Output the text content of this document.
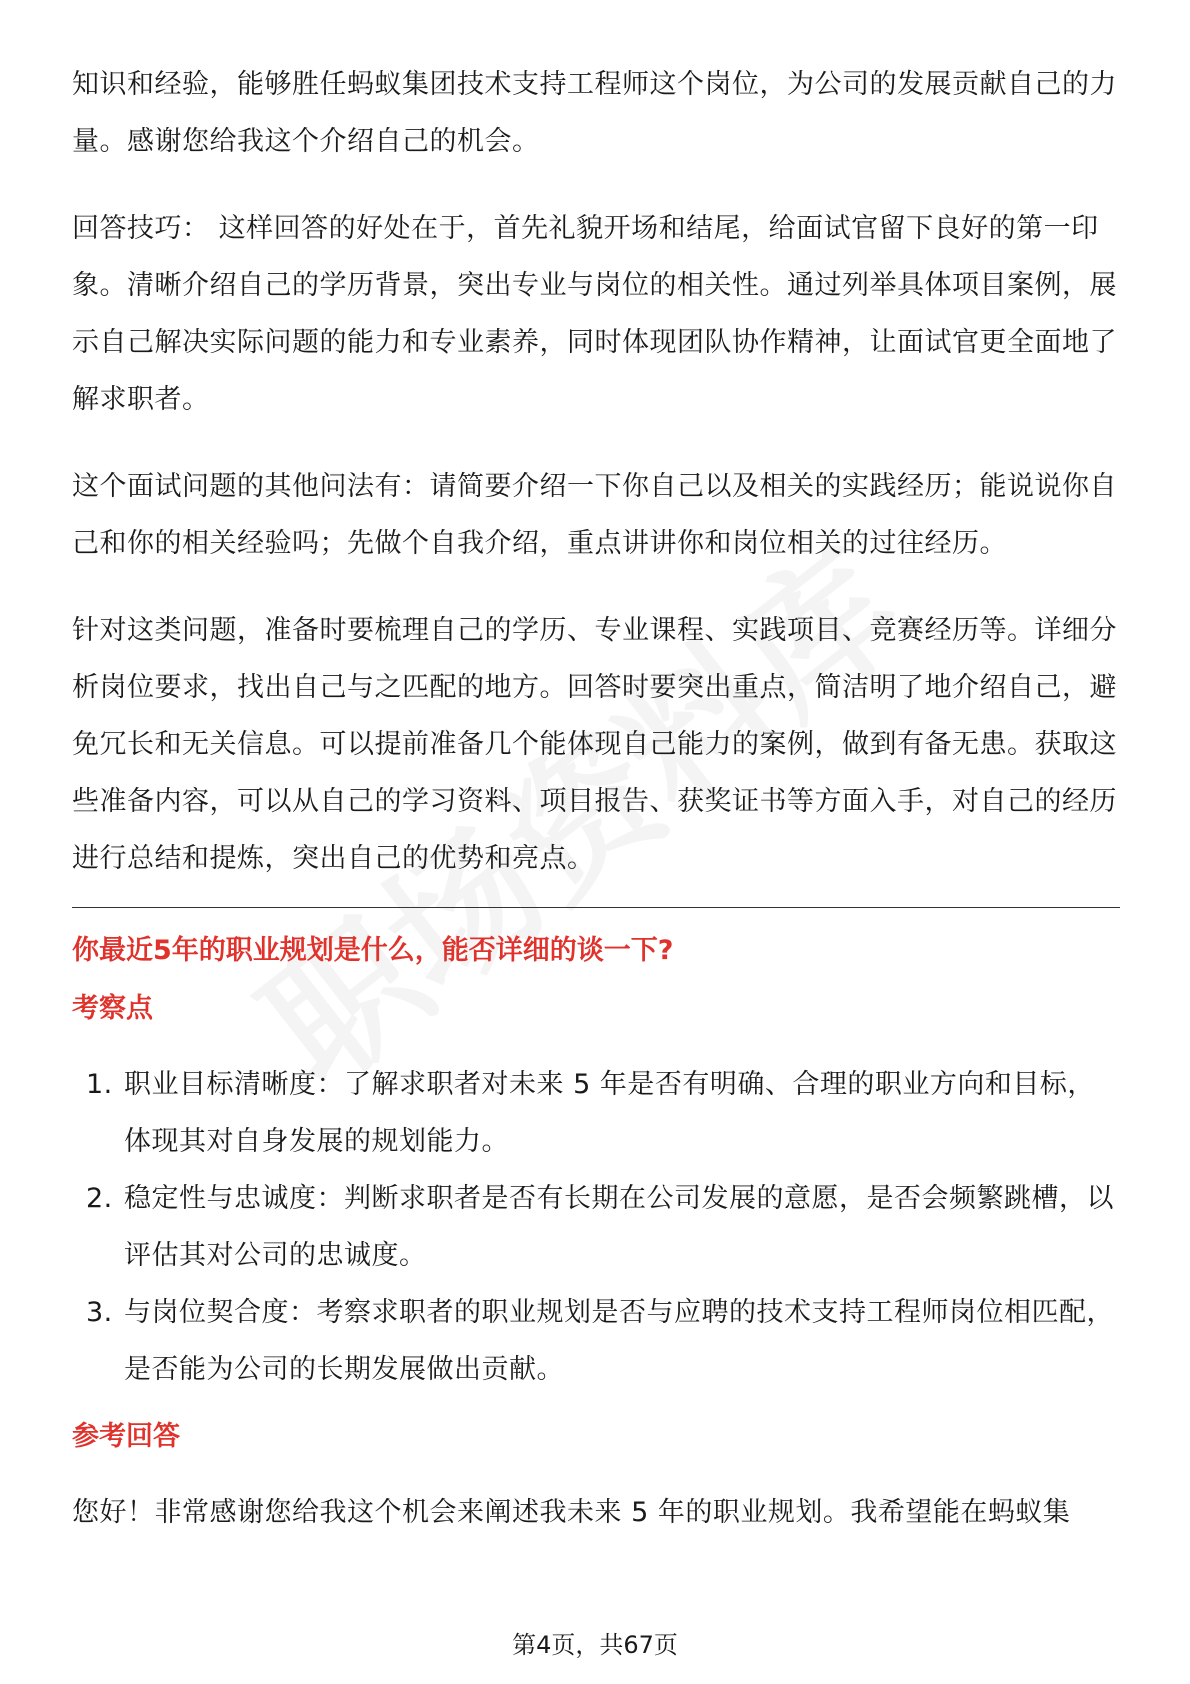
知识和经验，能够胜任蚂蚁集团技术支持工程师这个岗位，为公司的发展贡献自己的力量。感谢您给我这个介绍自己的机会。

回答技巧： 这样回答的好处在于，首先礼貌开场和结尾，给面试官留下良好的第一印象。清晰介绍自己的学历背景，突出专业与岗位的相关性。通过列举具体项目案例，展示自己解决实际问题的能力和专业素养，同时体现团队协作精神，让面试官更全面地了解求职者。

这个面试问题的其他问法有：请简要介绍一下你自己以及相关的实践经历；能说说你自己和你的相关经验吗；先做个自我介绍，重点讲讲你和岗位相关的过往经历。

针对这类问题，准备时要梳理自己的学历、专业课程、实践项目、竞赛经历等。详细分析岗位要求，找出自己与之匹配的地方。回答时要突出重点，简洁明了地介绍自己，避免冗长和无关信息。可以提前准备几个能体现自己能力的案例，做到有备无患。获取这些准备内容，可以从自己的学习资料、项目报告、获奖证书等方面入手，对自己的经历进行总结和提炼，突出自己的优势和亮点。

你最近5年的职业规划是什么，能否详细的谈一下?

考察点

1. 职业目标清晰度：了解求职者对未来 5 年是否有明确、合理的职业方向和目标，体现其对自身发展的规划能力。
2. 稳定性与忠诚度：判断求职者是否有长期在公司发展的意愿，是否会频繁跳槽，以评估其对公司的忠诚度。
3. 与岗位契合度：考察求职者的职业规划是否与应聘的技术支持工程师岗位相匹配，是否能为公司的长期发展做出贡献。

参考回答

您好！非常感谢您给我这个机会来阐述我未来 5 年的职业规划。我希望能在蚂蚁集

第4页，共67页
